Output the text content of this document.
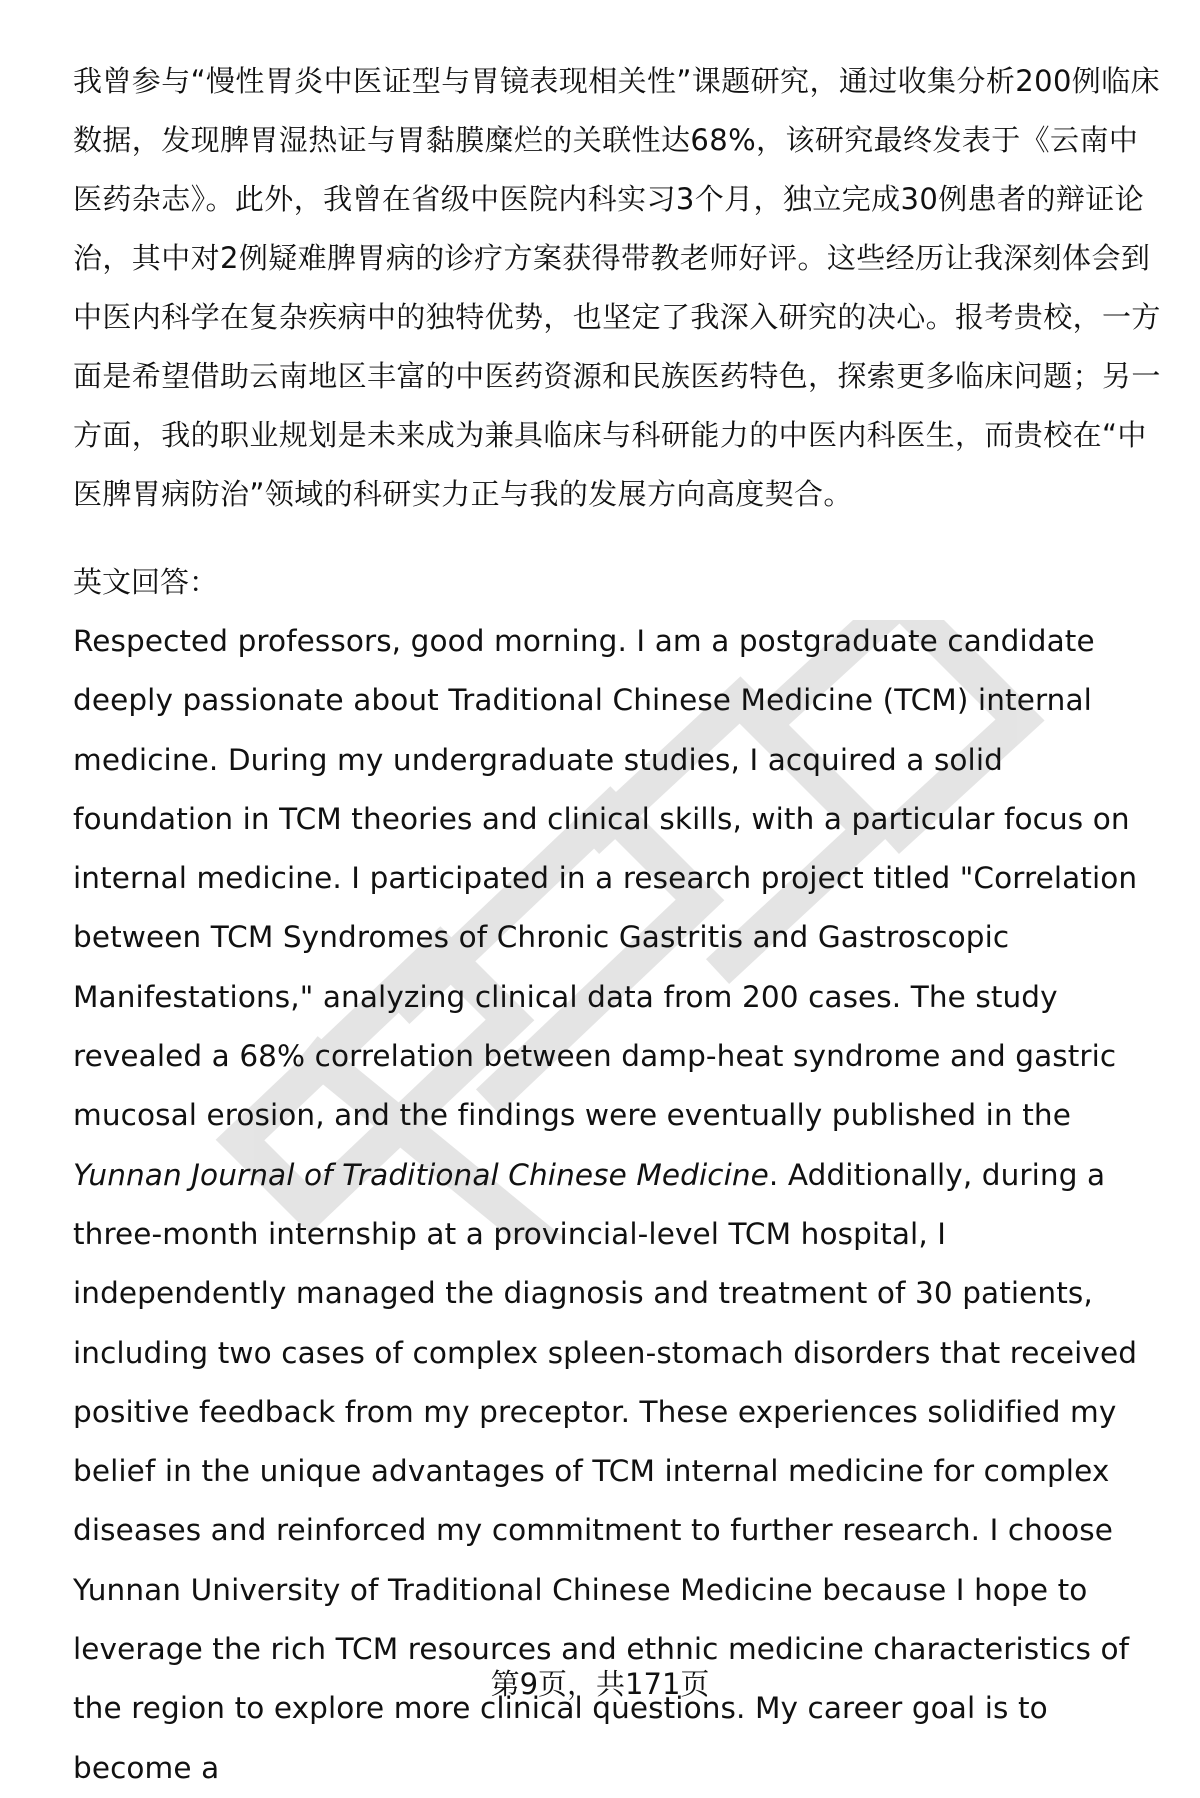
我曾参与“慢性胃炎中医证型与胃镜表现相关性”课题研究，通过收集分析200例临床数据，发现脾胃湿热证与胃黏膜糜烂的关联性达68%，该研究最终发表于《云南中医药杂志》。此外，我曾在省级中医院内科实习3个月，独立完成30例患者的辩证论治，其中对2例疑难脾胃病的诊疗方案获得带教老师好评。这些经历让我深刻体会到中医内科学在复杂疾病中的独特优势，也坚定了我深入研究的决心。报考贵校，一方面是希望借助云南地区丰富的中医药资源和民族医药特色，探索更多临床问题；另一方面，我的职业规划是未来成为兼具临床与科研能力的中医内科医生，而贵校在“中医脾胃病防治”领域的科研实力正与我的发展方向高度契合。

英文回答：

Respected professors, good morning. I am a postgraduate candidate deeply passionate about Traditional Chinese Medicine (TCM) internal medicine. During my undergraduate studies, I acquired a solid foundation in TCM theories and clinical skills, with a particular focus on internal medicine. I participated in a research project titled "Correlation between TCM Syndromes of Chronic Gastritis and Gastroscopic Manifestations," analyzing clinical data from 200 cases. The study revealed a 68% correlation between damp-heat syndrome and gastric mucosal erosion, and the findings were eventually published in the Yunnan Journal of Traditional Chinese Medicine. Additionally, during a three-month internship at a provincial-level TCM hospital, I independently managed the diagnosis and treatment of 30 patients, including two cases of complex spleen-stomach disorders that received positive feedback from my preceptor. These experiences solidified my belief in the unique advantages of TCM internal medicine for complex diseases and reinforced my commitment to further research. I choose Yunnan University of Traditional Chinese Medicine because I hope to leverage the rich TCM resources and ethnic medicine characteristics of the region to explore more clinical questions. My career goal is to become a

第9页，共171页
